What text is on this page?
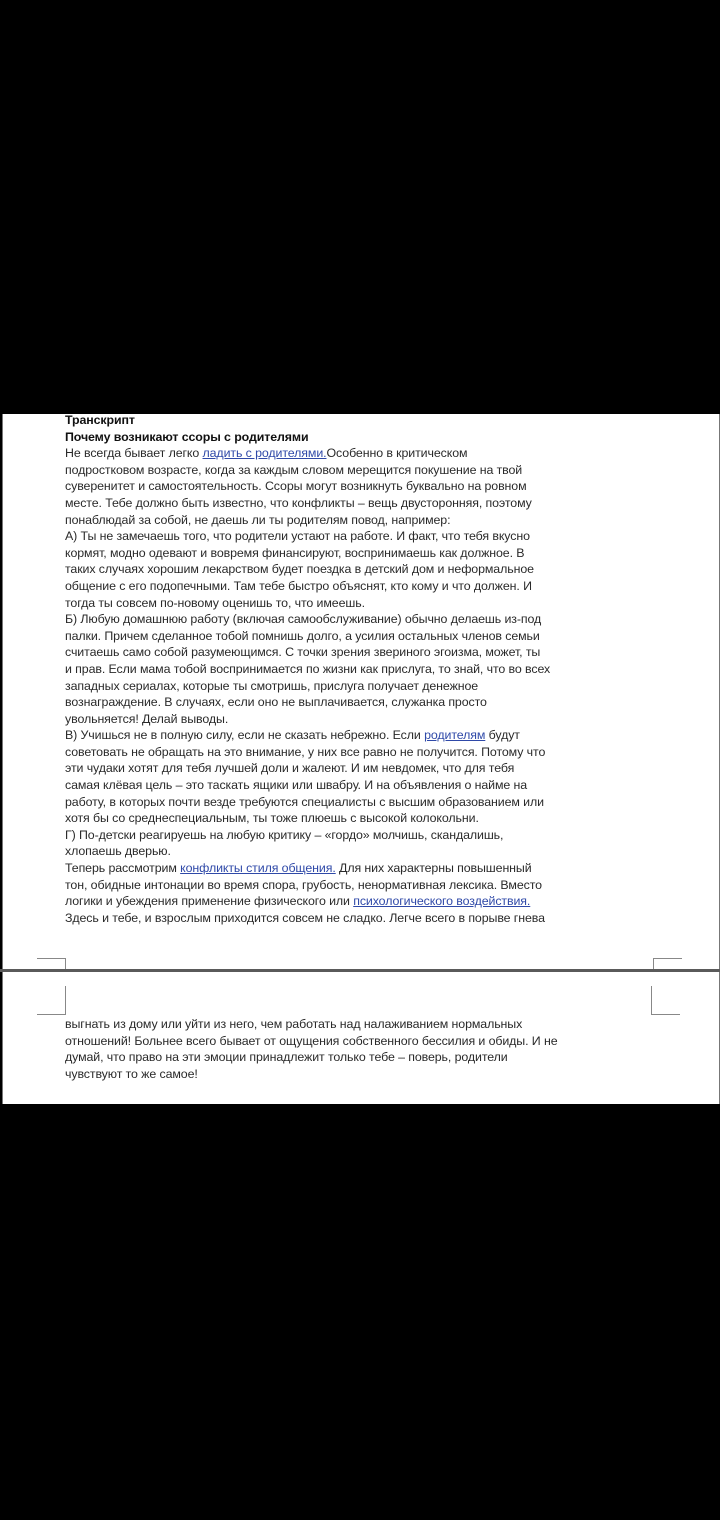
Транскрипт
Почему возникают ссоры с родителями
Не всегда бывает легко ладить с родителями.Особенно в критическом
подростковом возрасте, когда за каждым словом мерещится покушение на твой
суверенитет и самостоятельность. Ссоры могут возникнуть буквально на ровном
месте. Тебе должно быть известно, что конфликты – вещь двусторонняя, поэтому
понаблюдай за собой, не даешь ли ты родителям повод, например:
А) Ты не замечаешь того, что родители устают на работе. И факт, что тебя вкусно
кормят, модно одевают и вовремя финансируют, воспринимаешь как должное. В
таких случаях хорошим лекарством будет поездка в детский дом и неформальное
общение с его подопечными. Там тебе быстро объяснят, кто кому и что должен. И
тогда ты совсем по-новому оценишь то, что имеешь.
Б) Любую домашнюю работу (включая самообслуживание) обычно делаешь из-под
палки. Причем сделанное тобой помнишь долго, а усилия остальных членов семьи
считаешь само собой разумеющимся. С точки зрения звериного эгоизма, может, ты
и прав. Если мама тобой воспринимается по жизни как прислуга, то знай, что во всех
западных сериалах, которые ты смотришь, прислуга получает денежное
вознаграждение. В случаях, если оно не выплачивается, служанка просто
увольняется! Делай выводы.
В) Учишься не в полную силу, если не сказать небрежно. Если родителям будут
советовать не обращать на это внимание, у них все равно не получится. Потому что
эти чудаки хотят для тебя лучшей доли и жалеют. И им невдомек, что для тебя
самая клёвая цель – это таскать ящики или швабру. И на объявления о найме на
работу, в которых почти везде требуются специалисты с высшим образованием или
хотя бы со среднеспециальным, ты тоже плюешь с высокой колокольни.
Г) По-детски реагируешь на любую критику – «гордо» молчишь, скандалишь,
хлопаешь дверью.
Теперь рассмотрим конфликты стиля общения. Для них характерны повышенный
тон, обидные интонации во время спора, грубость, ненормативная лексика. Вместо
логики и убеждения применение физического или психологического воздействия.
Здесь и тебе, и взрослым приходится совсем не сладко. Легче всего в порыве гнева
выгнать из дому или уйти из него, чем работать над налаживанием нормальных
отношений! Больнее всего бывает от ощущения собственного бессилия и обиды. И не
думай, что право на эти эмоции принадлежит только тебе – поверь, родители
чувствуют то же самое!
